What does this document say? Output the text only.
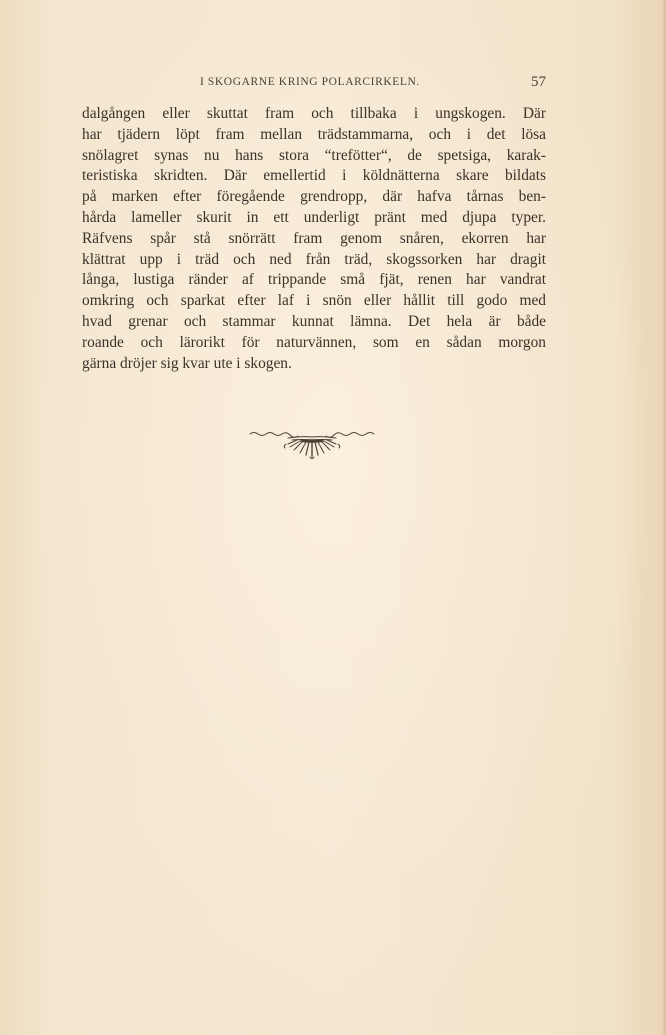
I SKOGARNE KRING POLARCIRKELN.	57
dalgången eller skuttat fram och tillbaka i ungskogen. Där
har tjädern löpt fram mellan trädstammarna, och i det lösa
snölagret synas nu hans stora “trefötter“, de spetsiga, karak-
teristiska skridten. Där emellertid i köldnätterna skare bildats
på marken efter föregående grendropp, där hafva tårnas ben-
hårda lameller skurit in ett underligt pränt med djupa typer.
Räfvens spår stå snörrätt fram genom snåren, ekorren har
klättrat upp i träd och ned från träd, skogssorken har dragit
långa, lustiga ränder af trippande små fjät, renen har vandrat
omkring och sparkat efter laf i snön eller hållit till godo med
hvad grenar och stammar kunnat lämna. Det hela är både
roande och lärorikt för naturvännen, som en sådan morgon
gärna dröjer sig kvar ute i skogen.
